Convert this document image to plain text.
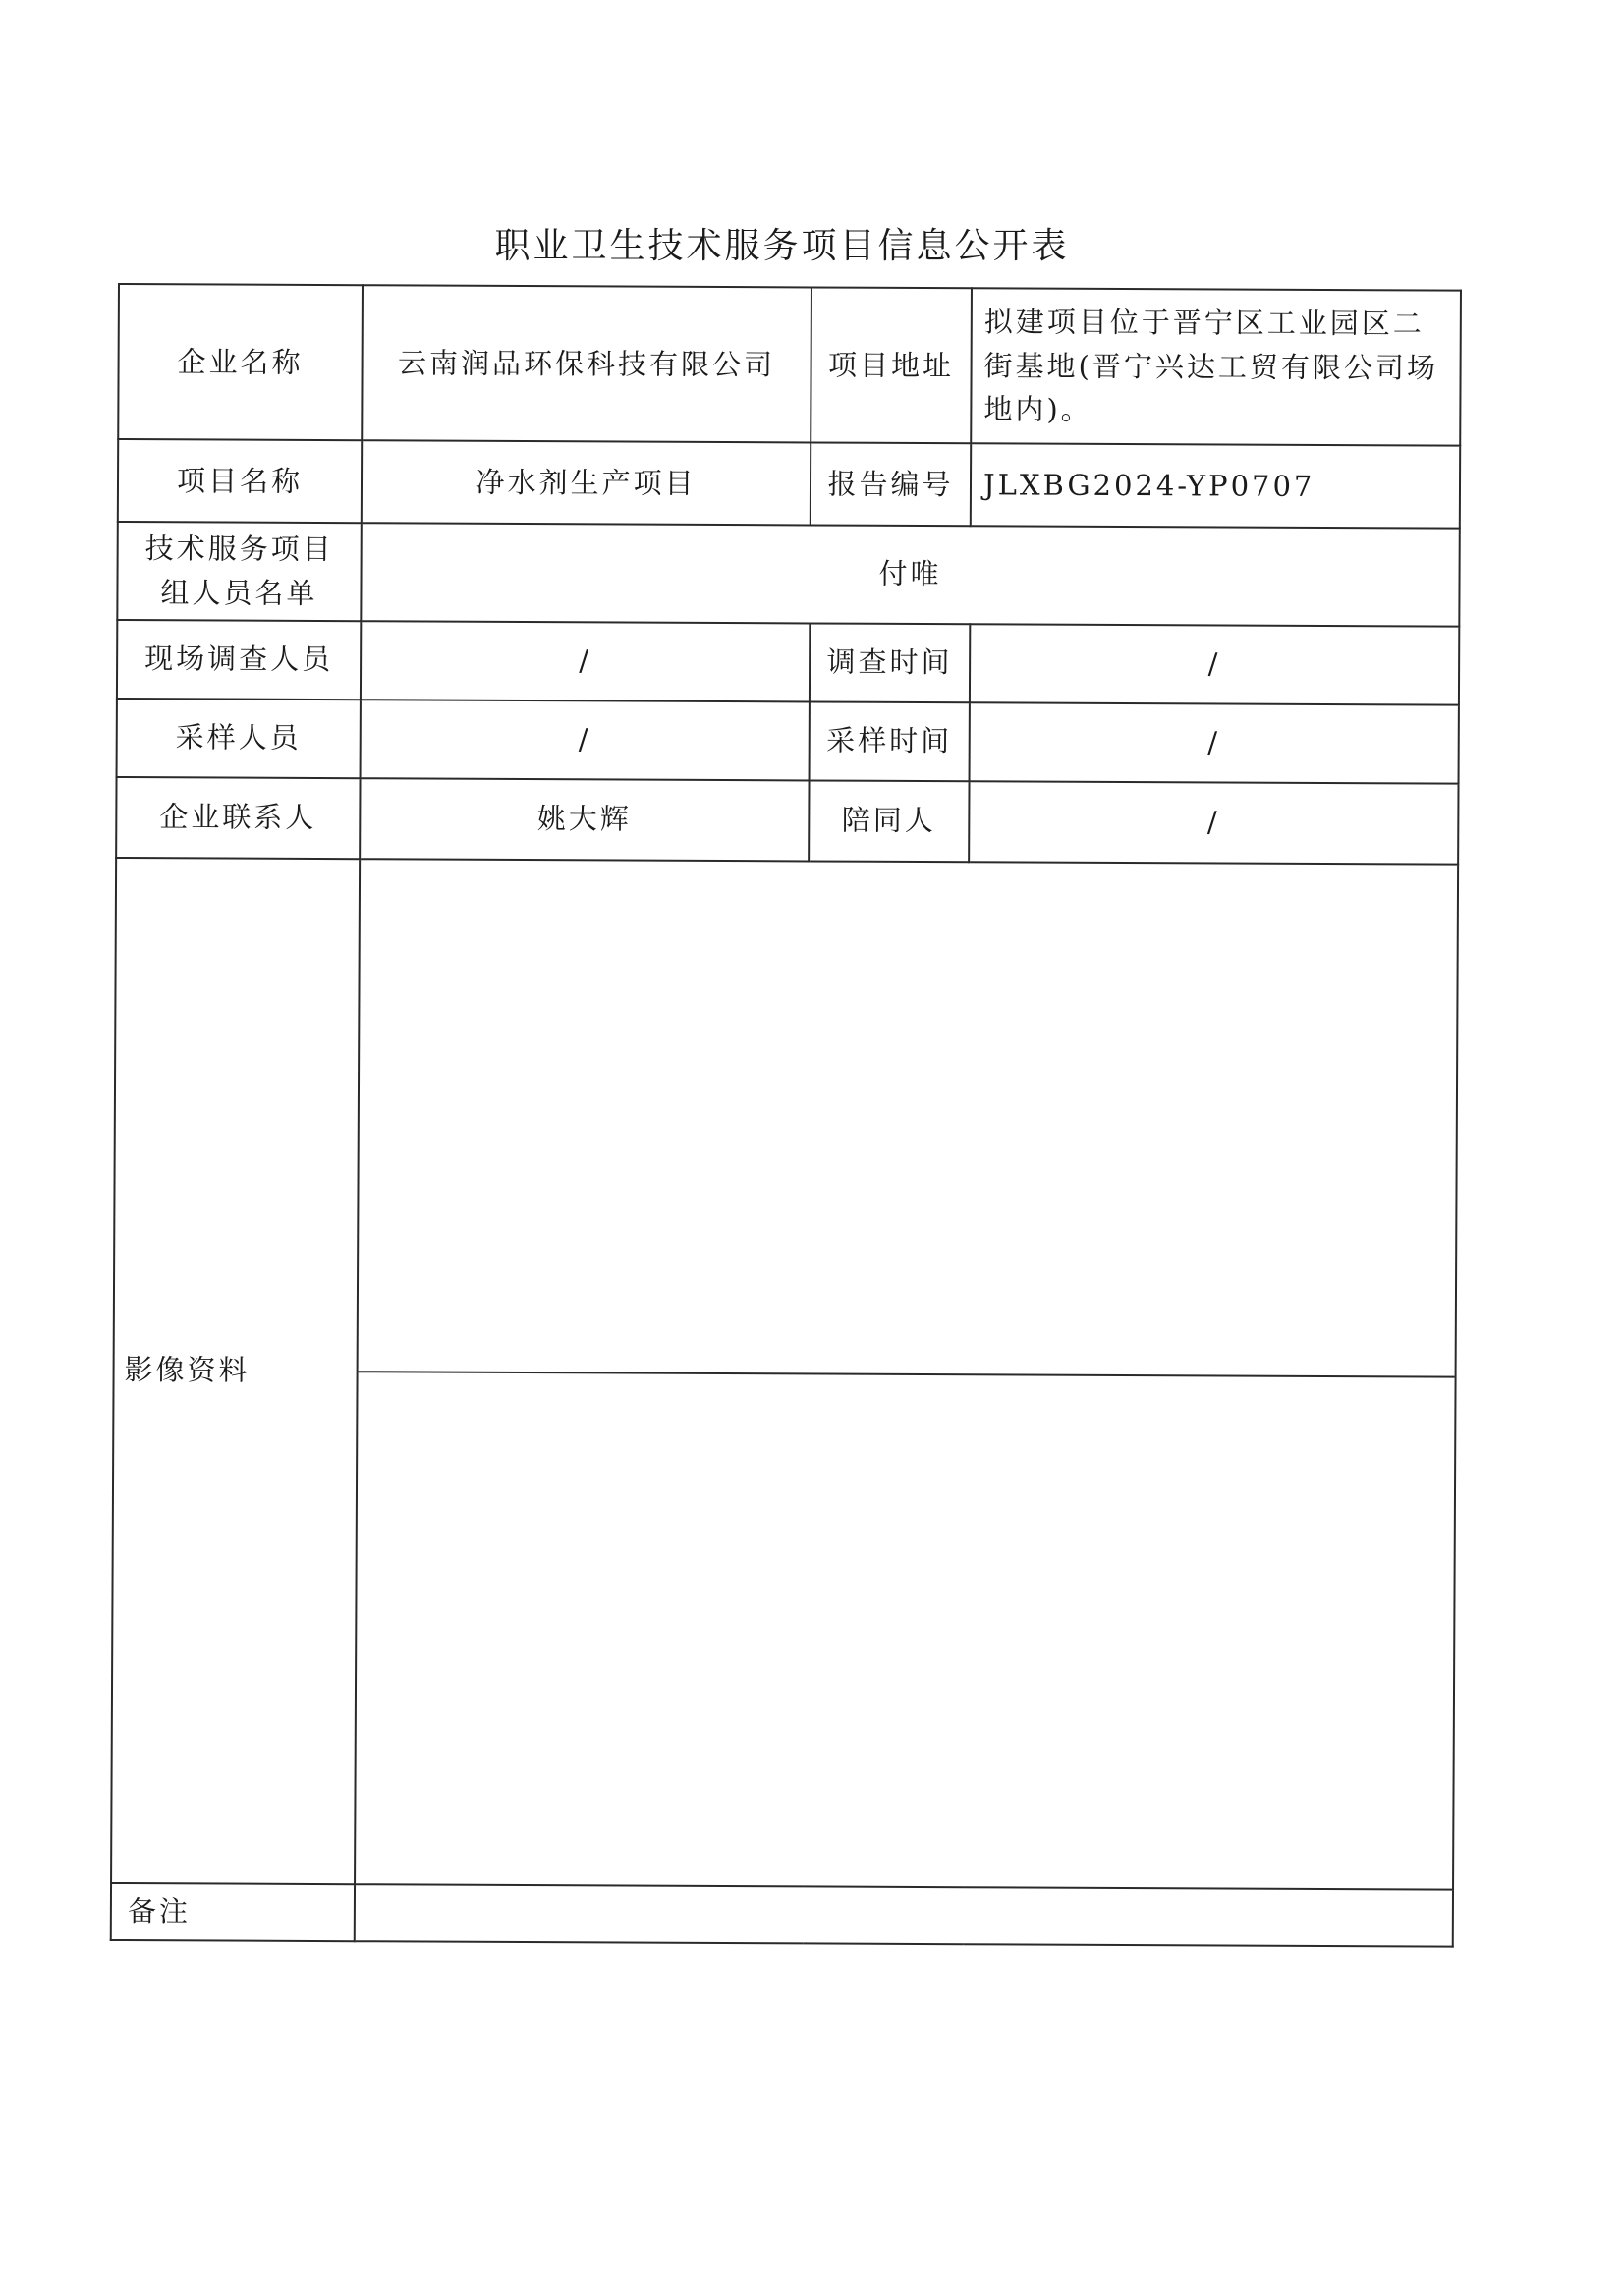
职业卫生技术服务项目信息公开表
企业名称	云南润品环保科技有限公司	项目地址	拟建项目位于晋宁区工业园区二街基地(晋宁兴达工贸有限公司场地内)。
项目名称	净水剂生产项目	报告编号	JLXBG2024-YP0707
技术服务项目组人员名单	付唯		
现场调查人员	/	调查时间	/
采样人员	/	采样时间	/
企业联系人	姚大辉	陪同人	/
影像资料			

备注			
